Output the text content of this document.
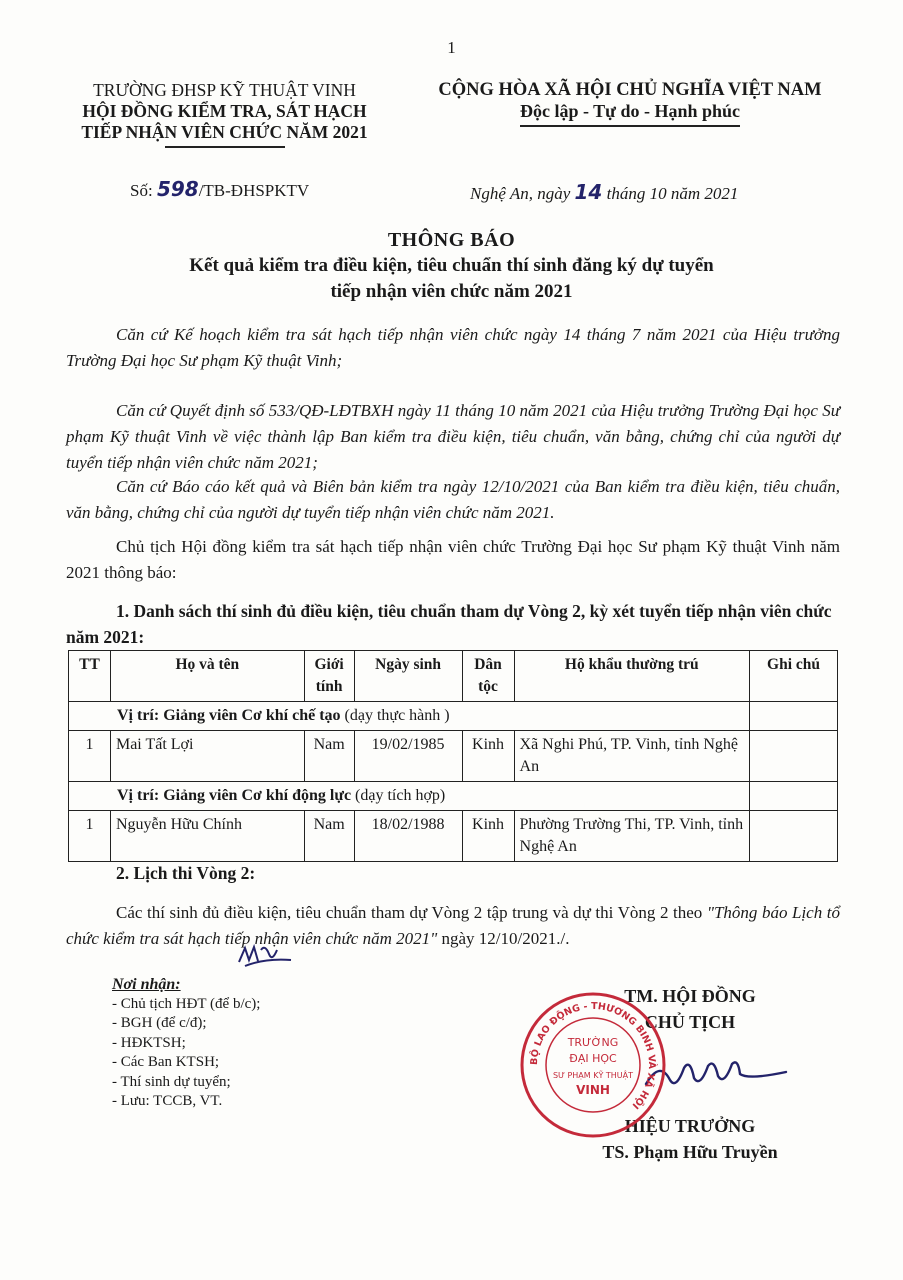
1
TRƯỜNG ĐHSP KỸ THUẬT VINH
HỘI ĐỒNG KIỂM TRA, SÁT HẠCH
TIẾP NHẬN VIÊN CHỨC NĂM 2021
CỘNG HÒA XÃ HỘI CHỦ NGHĨA VIỆT NAM
Độc lập - Tự do - Hạnh phúc
Số: 598/TB-ĐHSPKTV	Nghệ An, ngày 14 tháng 10 năm 2021
THÔNG BÁO
Kết quả kiểm tra điều kiện, tiêu chuẩn thí sinh đăng ký dự tuyển
tiếp nhận viên chức năm 2021
Căn cứ Kế hoạch kiểm tra sát hạch tiếp nhận viên chức ngày 14 tháng 7 năm 2021 của Hiệu trưởng Trường Đại học Sư phạm Kỹ thuật Vinh;
Căn cứ Quyết định số 533/QĐ-LĐTBXH ngày 11 tháng 10 năm 2021 của Hiệu trưởng Trường Đại học Sư phạm Kỹ thuật Vinh về việc thành lập Ban kiểm tra điều kiện, tiêu chuẩn, văn bằng, chứng chỉ của người dự tuyển tiếp nhận viên chức năm 2021;
Căn cứ Báo cáo kết quả và Biên bản kiểm tra ngày 12/10/2021 của Ban kiểm tra điều kiện, tiêu chuẩn, văn bằng, chứng chỉ của người dự tuyển tiếp nhận viên chức năm 2021.
Chủ tịch Hội đồng kiểm tra sát hạch tiếp nhận viên chức Trường Đại học Sư phạm Kỹ thuật Vinh năm 2021 thông báo:
1. Danh sách thí sinh đủ điều kiện, tiêu chuẩn tham dự Vòng 2, kỳ xét tuyển tiếp nhận viên chức năm 2021:
TT	Họ và tên	Giới tính	Ngày sinh	Dân tộc	Hộ khẩu thường trú	Ghi chú
Vị trí: Giảng viên Cơ khí chế tạo (dạy thực hành )						
1	Mai Tất Lợi	Nam	19/02/1985	Kinh	Xã Nghi Phú, TP. Vinh, tỉnh Nghệ An	
Vị trí: Giảng viên Cơ khí động lực (dạy tích hợp)						
1	Nguyễn Hữu Chính	Nam	18/02/1988	Kinh	Phường Trường Thi, TP. Vinh, tỉnh Nghệ An	
2. Lịch thi Vòng 2:
Các thí sinh đủ điều kiện, tiêu chuẩn tham dự Vòng 2 tập trung và dự thi Vòng 2 theo "Thông báo Lịch tổ chức kiểm tra sát hạch tiếp nhận viên chức năm 2021" ngày 12/10/2021./.
Nơi nhận:
- Chủ tịch HĐT (để b/c);
- BGH (để c/đ);
- HĐKTSH;
- Các Ban KTSH;
- Thí sinh dự tuyển;
- Lưu: TCCB, VT.
TM. HỘI ĐỒNG
CHỦ TỊCH
HIỆU TRƯỞNG
TS. Phạm Hữu Truyền
BỘ LAO ĐỘNG - THƯƠNG BINH VÀ XÃ HỘI
TRƯỜNG
ĐẠI HỌC
SƯ PHẠM KỸ THUẬT
VINH
